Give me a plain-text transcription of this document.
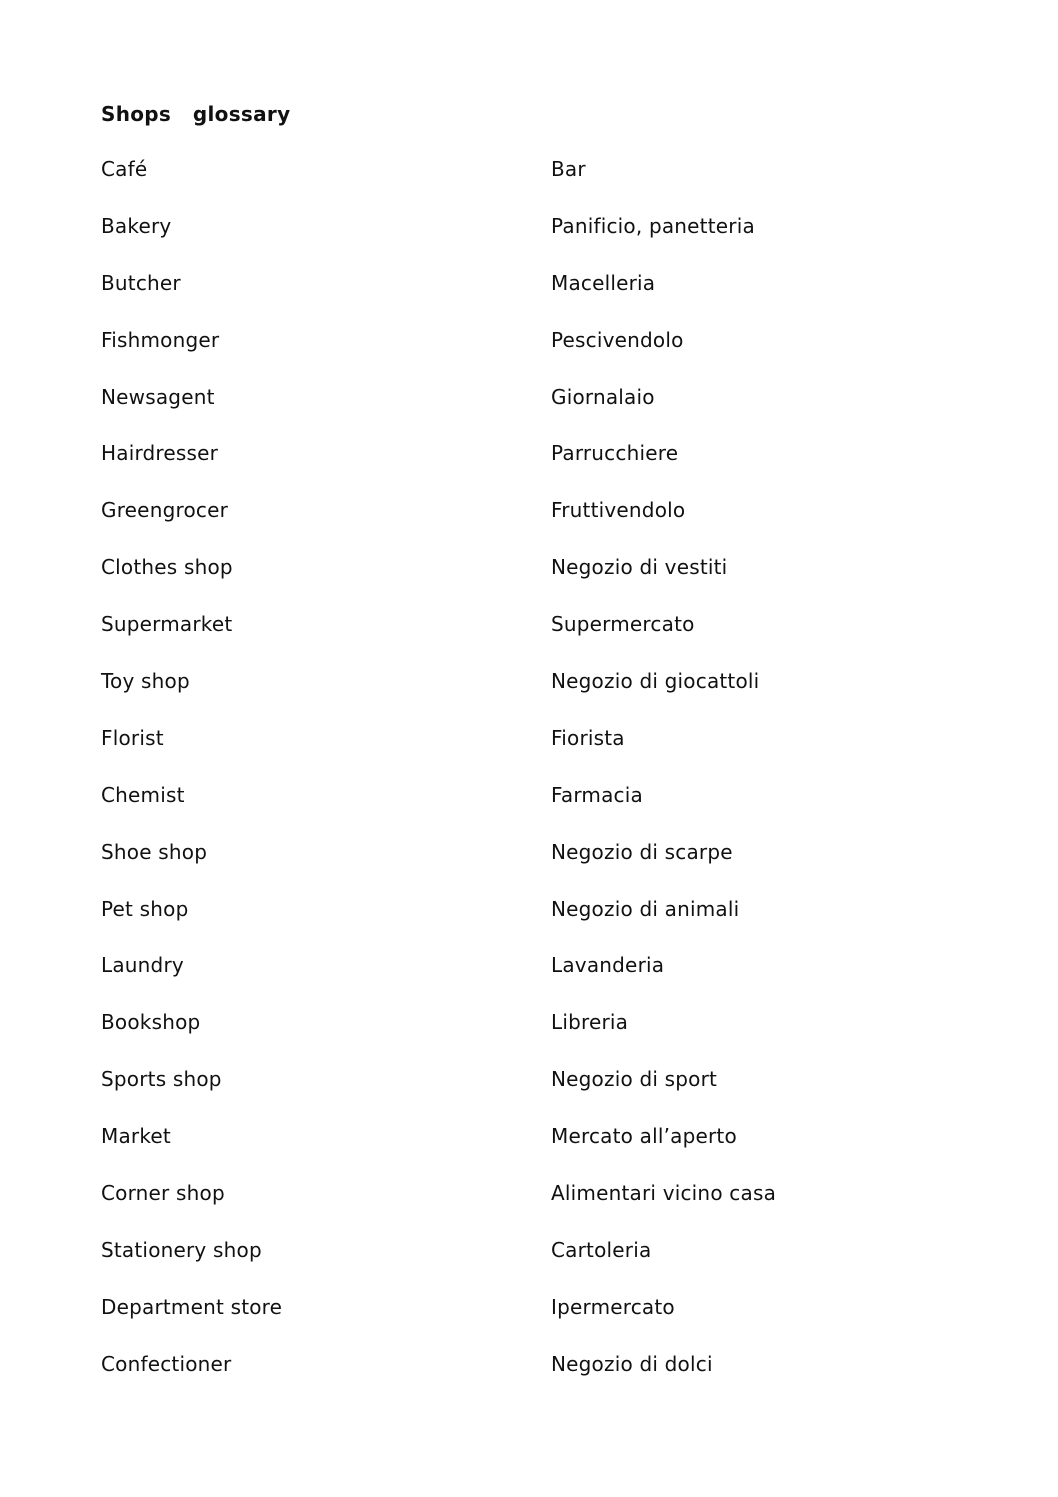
Shops   glossary
Café	Bar
Bakery	Panificio, panetteria
Butcher	Macelleria
Fishmonger	Pescivendolo
Newsagent	Giornalaio
Hairdresser	Parrucchiere
Greengrocer	Fruttivendolo
Clothes shop	Negozio di vestiti
Supermarket	Supermercato
Toy shop	Negozio di giocattoli
Florist	Fiorista
Chemist	Farmacia
Shoe shop	Negozio di scarpe
Pet shop	Negozio di animali
Laundry	Lavanderia
Bookshop	Libreria
Sports shop	Negozio di sport
Market	Mercato all’aperto
Corner shop	Alimentari vicino casa
Stationery shop	Cartoleria
Department store	Ipermercato
Confectioner	Negozio di dolci
